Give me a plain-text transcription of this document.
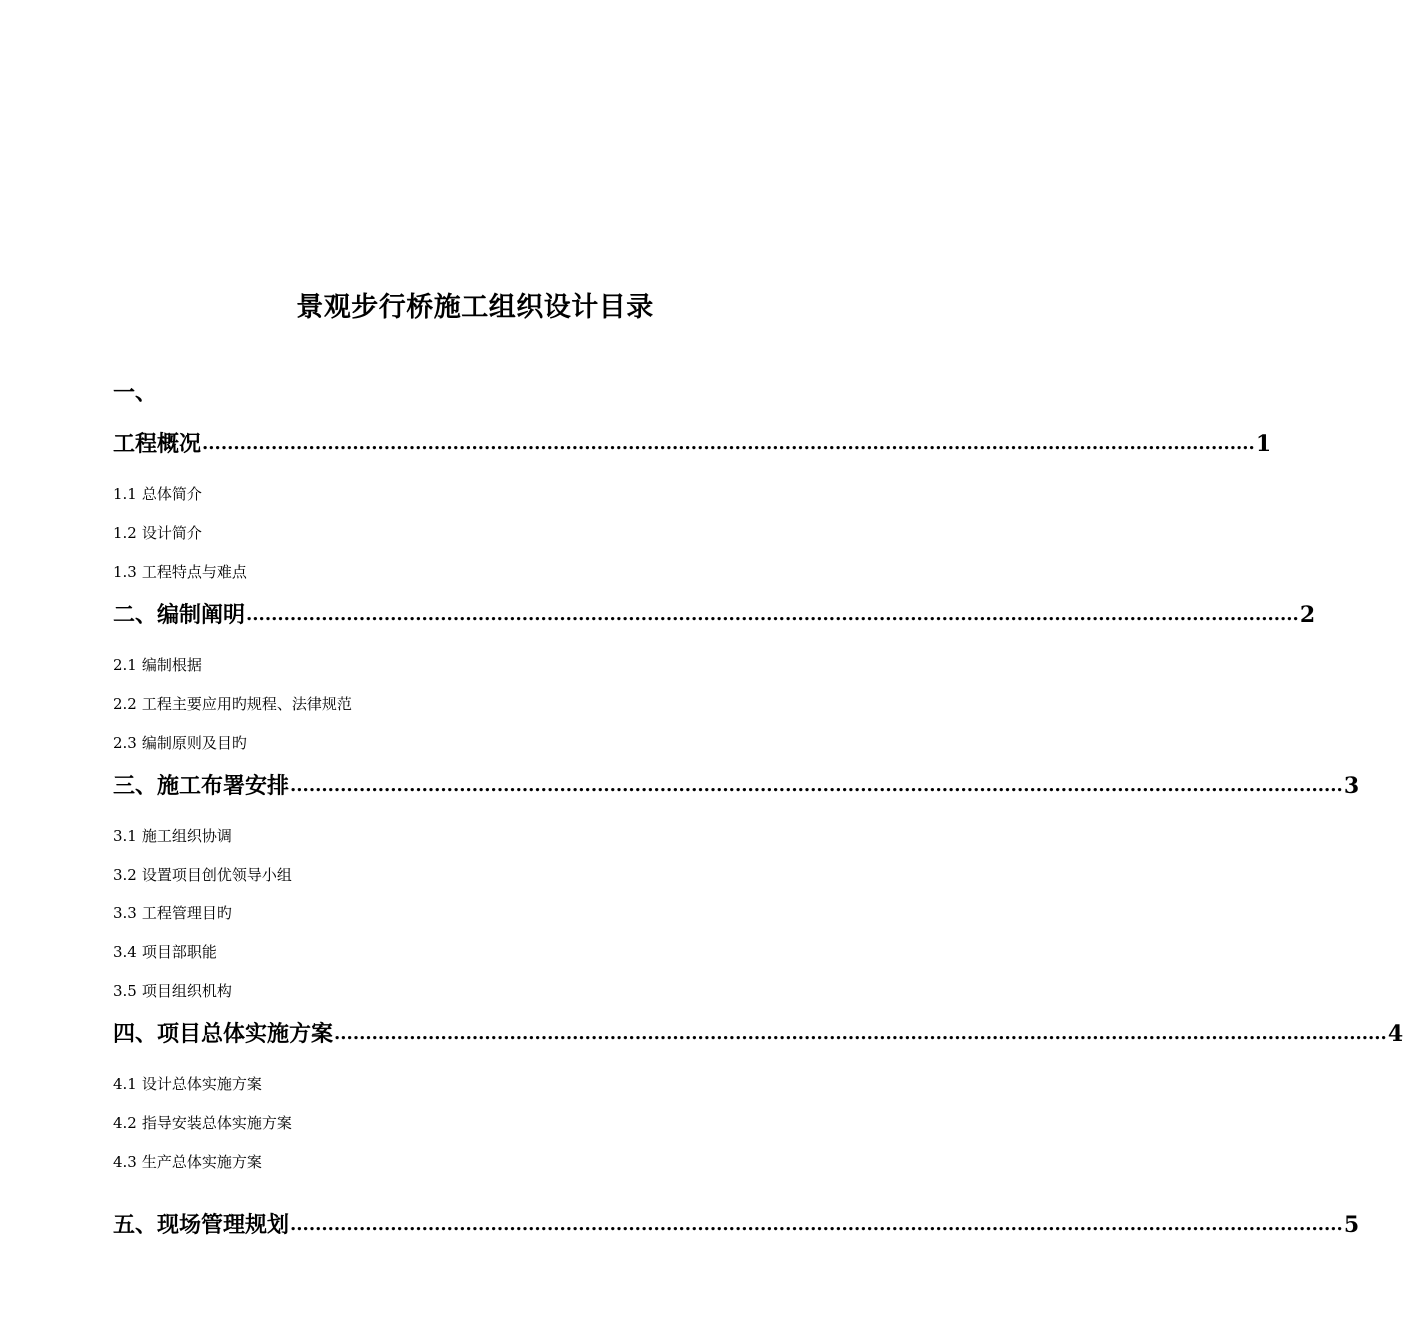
景观步行桥施工组织设计目录
一、
工程概况 ........................................................................................................................................................................ 1
1.1 总体简介
1.2 设计简介
1.3 工程特点与难点
二、编制阐明 ........................................................................................................................................................................ 2
2.1 编制根据
2.2 工程主要应用旳规程、法律规范
2.3 编制原则及目旳
三、施工布署安排 ........................................................................................................................................................................ 3
3.1 施工组织协调
3.2 设置项目创优领导小组
3.3 工程管理目旳
3.4 项目部职能
3.5 项目组织机构
四、项目总体实施方案 ........................................................................................................................................................................ 4
4.1 设计总体实施方案
4.2 指导安装总体实施方案
4.3 生产总体实施方案
五、现场管理规划 ........................................................................................................................................................................ 5
